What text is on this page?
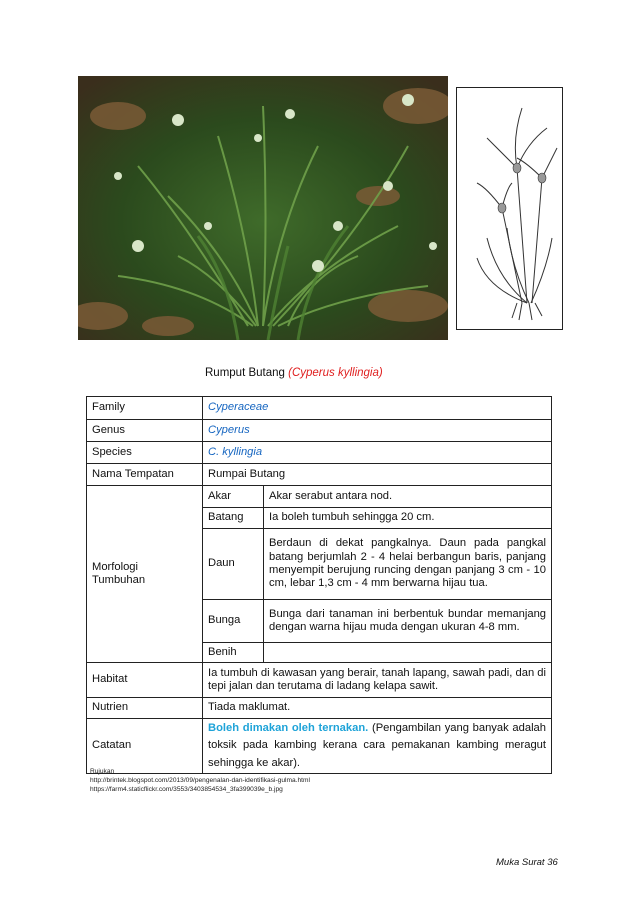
Rumput Butang (Cyperus kyllingia)
Family	Cyperaceae	
Genus	Cyperus	
Species	C. kyllingia	
Nama Tempatan	Rumpai Butang	
Morfologi
Tumbuhan	Akar	Akar serabut antara nod.
	Batang	Ia boleh tumbuh sehingga 20 cm.
	Daun	Berdaun di dekat pangkalnya. Daun pada pangkal batang berjumlah 2 - 4 helai berbangun baris, panjang menyempit berujung runcing dengan panjang 3 cm - 10 cm, lebar 1,3 cm - 4 mm berwarna hijau tua.
	Bunga	Bunga dari tanaman ini berbentuk bundar memanjang dengan warna hijau muda dengan ukuran 4-8 mm.
	Benih	
Habitat	Ia tumbuh di kawasan yang berair, tanah lapang, sawah padi, dan di tepi jalan dan terutama di ladang kelapa sawit.	
Nutrien	Tiada maklumat.	
Catatan	Boleh dimakan oleh ternakan. (Pengambilan yang banyak adalah toksik pada kambing kerana cara pemakanan kambing meragut sehingga ke akar).	
Rujukan
http://brintek.blogspot.com/2013/09/pengenalan-dan-identifikasi-gulma.html
https://farm4.staticflickr.com/3553/3403854534_3fa399039e_b.jpg
Muka Surat 36
